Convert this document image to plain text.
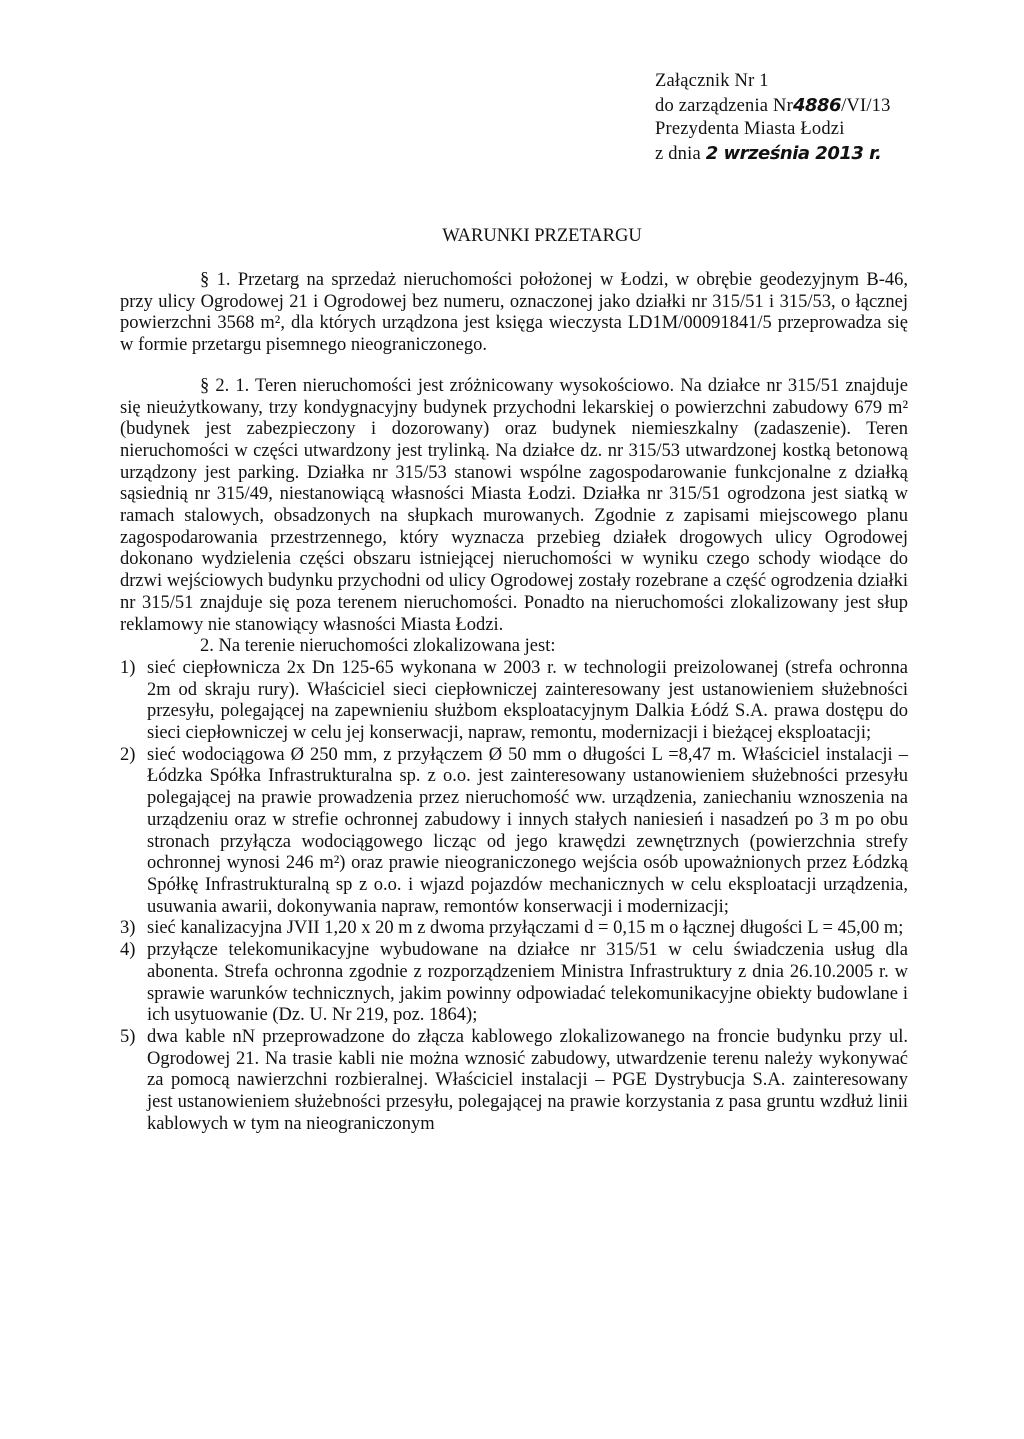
Załącznik Nr 1
do zarządzenia Nr4886/VI/13
Prezydenta Miasta Łodzi
z dnia 2 września 2013 r.
WARUNKI PRZETARGU

§ 1. Przetarg na sprzedaż nieruchomości położonej w Łodzi, w obrębie geodezyjnym B-46, przy ulicy Ogrodowej 21 i Ogrodowej bez numeru, oznaczonej jako działki nr 315/51 i 315/53, o łącznej powierzchni 3568 m², dla których urządzona jest księga wieczysta LD1M/00091841/5 przeprowadza się w formie przetargu pisemnego nieograniczonego.

§ 2. 1. Teren nieruchomości jest zróżnicowany wysokościowo. Na działce nr 315/51 znajduje się nieużytkowany, trzy kondygnacyjny budynek przychodni lekarskiej o powierzchni zabudowy 679 m² (budynek jest zabezpieczony i dozorowany) oraz budynek niemieszkalny (zadaszenie). Teren nieruchomości w części utwardzony jest trylinką. Na działce dz. nr 315/53 utwardzonej kostką betonową urządzony jest parking. Działka nr 315/53 stanowi wspólne zagospodarowanie funkcjonalne z działką sąsiednią nr 315/49, niestanowiącą własności Miasta Łodzi. Działka nr 315/51 ogrodzona jest siatką w ramach stalowych, obsadzonych na słupkach murowanych. Zgodnie z zapisami miejscowego planu zagospodarowania przestrzennego, który wyznacza przebieg działek drogowych ulicy Ogrodowej dokonano wydzielenia części obszaru istniejącej nieruchomości w wyniku czego schody wiodące do drzwi wejściowych budynku przychodni od ulicy Ogrodowej zostały rozebrane a część ogrodzenia działki nr 315/51 znajduje się poza terenem nieruchomości. Ponadto na nieruchomości zlokalizowany jest słup reklamowy nie stanowiący własności Miasta Łodzi.

2. Na terenie nieruchomości zlokalizowana jest:

1) sieć ciepłownicza 2x Dn 125-65 wykonana w 2003 r. w technologii preizolowanej (strefa ochronna 2m od skraju rury). Właściciel sieci ciepłowniczej zainteresowany jest ustanowieniem służebności przesyłu, polegającej na zapewnieniu służbom eksploatacyjnym Dalkia Łódź S.A. prawa dostępu do sieci ciepłowniczej w celu jej konserwacji, napraw, remontu, modernizacji i bieżącej eksploatacji;
2) sieć wodociągowa Ø 250 mm, z przyłączem Ø 50 mm o długości L =8,47 m. Właściciel instalacji – Łódzka Spółka Infrastrukturalna sp. z o.o. jest zainteresowany ustanowieniem służebności przesyłu polegającej na prawie prowadzenia przez nieruchomość ww. urządzenia, zaniechaniu wznoszenia na urządzeniu oraz w strefie ochronnej zabudowy i innych stałych naniesień i nasadzeń po 3 m po obu stronach przyłącza wodociągowego licząc od jego krawędzi zewnętrznych (powierzchnia strefy ochronnej wynosi 246 m²) oraz prawie nieograniczonego wejścia osób upoważnionych przez Łódzką Spółkę Infrastrukturalną sp z o.o. i wjazd pojazdów mechanicznych w celu eksploatacji urządzenia, usuwania awarii, dokonywania napraw, remontów konserwacji i modernizacji;
3) sieć kanalizacyjna JVII 1,20 x 20 m z dwoma przyłączami d = 0,15 m o łącznej długości L = 45,00 m;
4) przyłącze telekomunikacyjne wybudowane na działce nr 315/51 w celu świadczenia usług dla abonenta. Strefa ochronna zgodnie z rozporządzeniem Ministra Infrastruktury z dnia 26.10.2005 r. w sprawie warunków technicznych, jakim powinny odpowiadać telekomunikacyjne obiekty budowlane i ich usytuowanie (Dz. U. Nr 219, poz. 1864);
5) dwa kable nN przeprowadzone do złącza kablowego zlokalizowanego na froncie budynku przy ul. Ogrodowej 21. Na trasie kabli nie można wznosić zabudowy, utwardzenie terenu należy wykonywać za pomocą nawierzchni rozbieralnej. Właściciel instalacji – PGE Dystrybucja S.A. zainteresowany jest ustanowieniem służebności przesyłu, polegającej na prawie korzystania z pasa gruntu wzdłuż linii kablowych w tym na nieograniczonym
